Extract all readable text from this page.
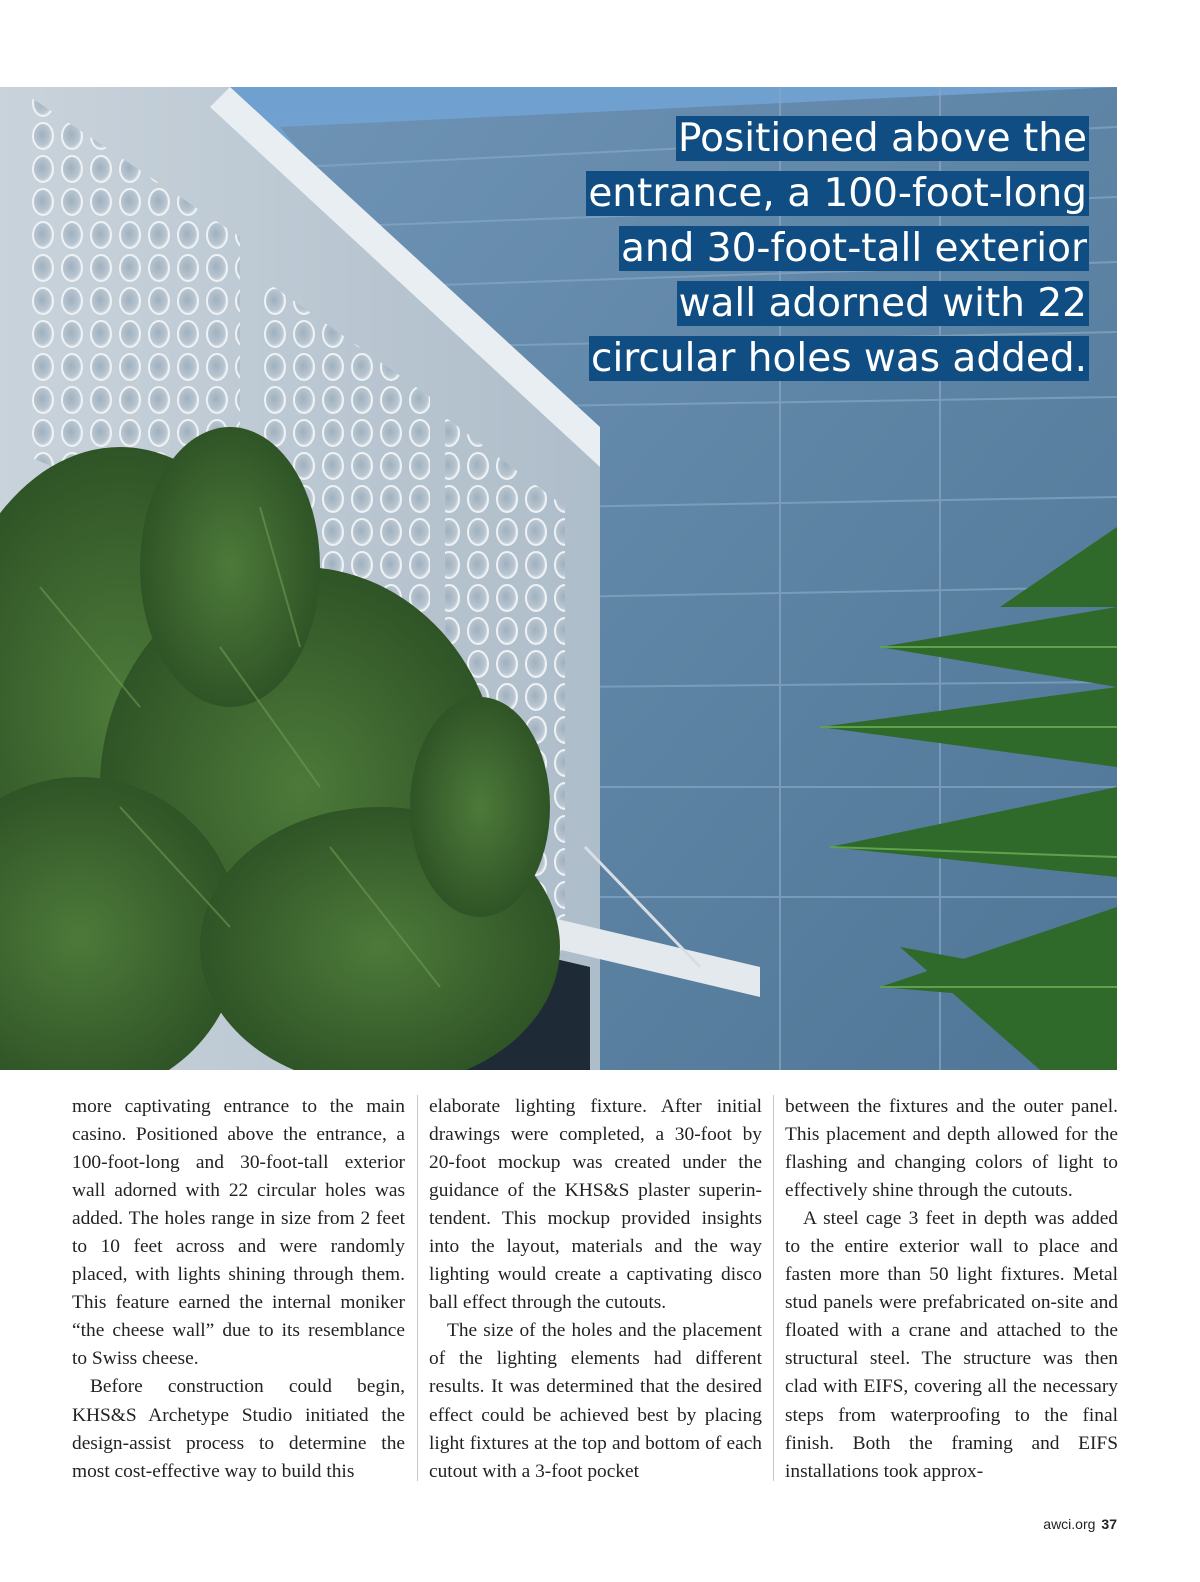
Positioned above the
entrance, a 100-foot-long
and 30-foot-tall exterior
wall adorned with 22
circular holes was added.

more captivating entrance to the main casino. Positioned above the entrance, a 100-foot-long and 30-foot-tall exterior wall adorned with 22 circular holes was added. The holes range in size from 2 feet to 10 feet across and were randomly placed, with lights shining through them. This feature earned the internal moniker “the cheese wall” due to its resemblance to Swiss cheese.

Before construction could begin, KHS&S Archetype Studio initiated the design-assist process to determine the most cost-effective way to build this

elaborate lighting fixture. After initial drawings were completed, a 30-foot by 20-foot mockup was created under the guidance of the KHS&S plaster superintendent. This mockup provided insights into the layout, materials and the way lighting would create a captivating disco ball effect through the cutouts.

The size of the holes and the placement of the lighting elements had different results. It was determined that the desired effect could be achieved best by placing light fixtures at the top and bottom of each cutout with a 3-foot pocket

between the fixtures and the outer panel. This placement and depth allowed for the flashing and changing colors of light to effectively shine through the cutouts.

A steel cage 3 feet in depth was added to the entire exterior wall to place and fasten more than 50 light fixtures. Metal stud panels were prefabricated on-site and floated with a crane and attached to the structural steel. The structure was then clad with EIFS, covering all the necessary steps from waterproofing to the final finish. Both the framing and EIFS installations took approx-

awci.org 37
